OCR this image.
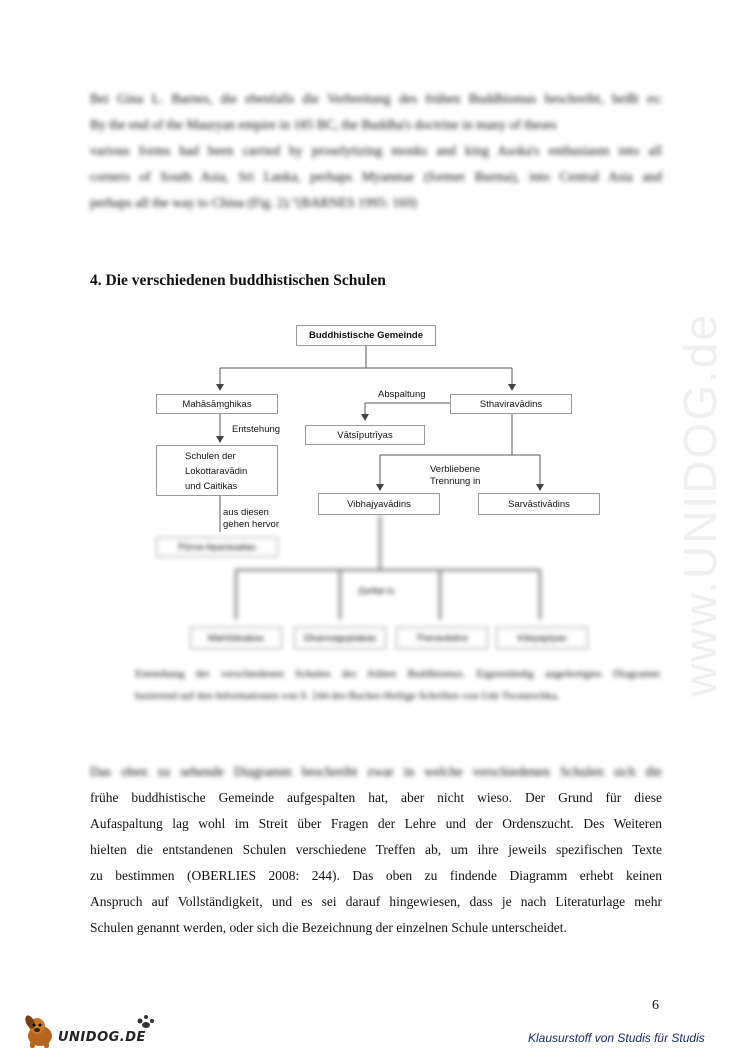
www.UNIDOG.de
Bei Gina L. Barnes, die ebenfalls die Verbreitung des frühen Buddhismus beschreibt, heißt es:
By the end of the Mauryan empire in 185 BC, the Buddha's doctrine in many of theses
various forms had been carried by proselytizing monks and king Asoka's enthusiasm into all
corners of South Asia, Sri Lanka, perhaps Myanmar (former Burma), into Central Asia and
perhaps all the way to China (Fig. 2)."(BARNES 1995: 169)
4. Die verschiedenen buddhistischen Schulen
Buddhistische Gemeinde
Mahāsāṃghikas
Abspaltung
Sthaviravādins
Entstehung	Vātsīputrīyas
Schulen der
Lokottaravādin
und Caitikas
Verbliebene
Trennung in
Vibhajyavādins	Sarvāstivādins
aus diesen
gehen hervor
Pūrva-Aparasailas
Zerfiel in
Mahīśāsakas	Dharmaguptakas	Theravādins	Kāśyapīyas
Entstehung der verschiedenen Schulen des frühen Buddhismus. Eigenständig angefertigtes Diagramm
basierend auf den Informationen von S. 244 des Buches Heilige Schriften von Ude Twoneschka.
Das oben zu sehende Diagramm beschreibt zwar in welche verschiedenen Schulen sich die
frühe buddhistische Gemeinde aufgespalten hat, aber nicht wieso. Der Grund für diese
Aufaspaltung lag wohl im Streit über Fragen der Lehre und der Ordenszucht. Des Weiteren
hielten die entstandenen Schulen verschiedene Treffen ab, um ihre jeweils spezifischen Texte
zu bestimmen (OBERLIES 2008: 244). Das oben zu findende Diagramm erhebt keinen
Anspruch auf Vollständigkeit, und es sei darauf hingewiesen, dass je nach Literaturlage mehr
Schulen genannt werden, oder sich die Bezeichnung der einzelnen Schule unterscheidet.
6
UNIDOG.DE	Klausurstoff von Studis für Studis
